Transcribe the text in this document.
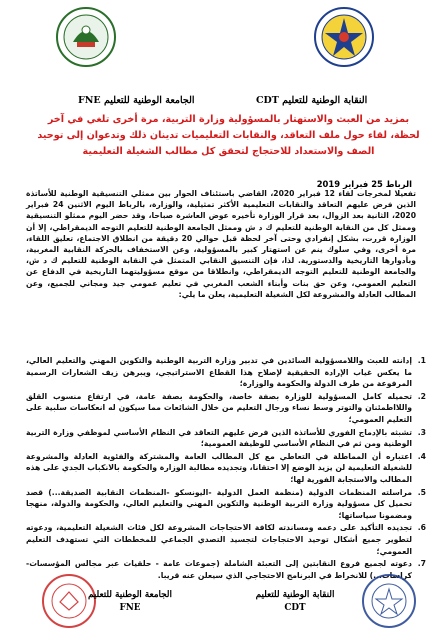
الجامعة الوطنية للتعليم FNE	النقابة الوطنية للتعليم CDT
بمزيد من العبث والاستهتار بالمسؤولية وزارة التربية، مرة أخرى تلغي في آخر لحظة، لقاء حول ملف التعاقد، والنقابات التعليميات تدينان ذلك وتدعوان إلى توحيد الصف والاستعداد للاحتجاج لتحقق كل مطالب الشغيلة التعليمية
الرباط 25 فبراير 2019

تفعيلا لمخرجات لقاء 12 فبراير 2020، القاضي باستئناف الحوار بين ممثلي التنسيقية الوطنية للأساتذة الذين فرض عليهم التعاقد والنقابات التعليمية الأكثر تمثيلية، والوزارة، بالرباط اليوم الاثنين 24 فبراير 2020، الثانية بعد الزوال، بعد قرار الوزارة تأخيره عوض العاشرة صباحا، وقد حضر اليوم ممثلو التنسيقية وممثل كل من النقابة الوطنية للتعليم ك د ش وممثل الجامعة الوطنية للتعليم التوجه الديمقراطي، إلا أن الوزارة قررت، بشكل إنفرادي وحتى آخر لحظة قبل حوالي 20 دقيقة من انطلاق الاجتماع، تعليق اللقاء، مرة أخرى، وفي سلوك ينم عن استهتار كبير بالمسؤولية، وعن الاستخفاف بالحركة النقابية المغربية، وبأدوارها التاريخية والدستورية. لذا، فإن التنسيق النقابي المتمثل في النقابة الوطنية للتعليم ك د ش، والجامعة الوطنية للتعليم التوجه الديمقراطي، وانطلاقا من موقع مسؤوليتهما التاريخية في الدفاع عن التعليم العمومي، وعن حق بنات وأبناء الشعب المغربي في تعليم عمومي جيد ومجاني للجميع، وعن المطالب العادلة والمشروعة لكل الشغيلة التعليمية، يعلن ما يلي:

1.
إدانته للعبث واللامسؤولية السائدين في تدبير وزارة التربية الوطنية والتكوين المهني والتعليم العالي، ما يعكس غياب الإرادة الحقيقية لإصلاح هذا القطاع الاستراتيجي، ويبرهن زيف الشعارات الرسمية المرفوعة من طرف الدولة والحكومة والوزارة؛
2.
تحميله كامل المسؤولية للوزارة بصفة خاصة، والحكومة بصفة عامة، في ارتفاع منسوب القلق واللااطمئنان والتوتر وسط نساء ورجال التعليم من خلال الشائعات مما سيكون له انعكاسات سلبية على التعليم العمومي؛
3.
تشبثه بالإدماج الفوري للأساتذة الذين فرض عليهم التعاقد في النظام الأساسي لموظفي وزارة التربية الوطنية ومن ثم في النظام الأساسي للوظيفة العمومية؛
4.
اعتباره أن المماطلة في التعاطي مع كل المطالب العامة والمشتركة والفئوية العادلة والمشروعة للشغيلة التعليمية لن يزيد الوضع إلا احتقانا، وتجديده مطالبة الوزارة والحكومة بالانكباب الجدي على هذه المطالب والاستجابة الفورية لها؛
5.
مراسلته المنظمات الدولية (منظمة العمل الدولية -اليونسكو -المنظمات النقابية الصديقة...) قصد تحميل كل مسؤولية وزارة التربية الوطنية والتكوين المهني والتعليم العالي، والحكومة والدولة، منهجا ومضمونا سياساتها؛
6.
تجديده التأكيد على دعمه ومساندته لكافة الاحتجاجات المشروعة لكل فئات الشغيلة التعليمية، ودعوته لتطوير جميع أشكال توحيد الاحتجاجات لتجسيد التصدي الجماعي للمخططات التي تستهدف التعليم العمومي؛
7.
دعوته لجميع فروع النقابتين إلى التعبئة الشاملة (جموعات عامة - حلقيات عبر مجالس المؤسسات- كراسات...) للانخراط في البرنامج الاحتجاجي الذي سيعلن عنه قريبا.
الجامعة الوطنية للتعليم
FNE
النقابة الوطنية للتعليم
CDT
